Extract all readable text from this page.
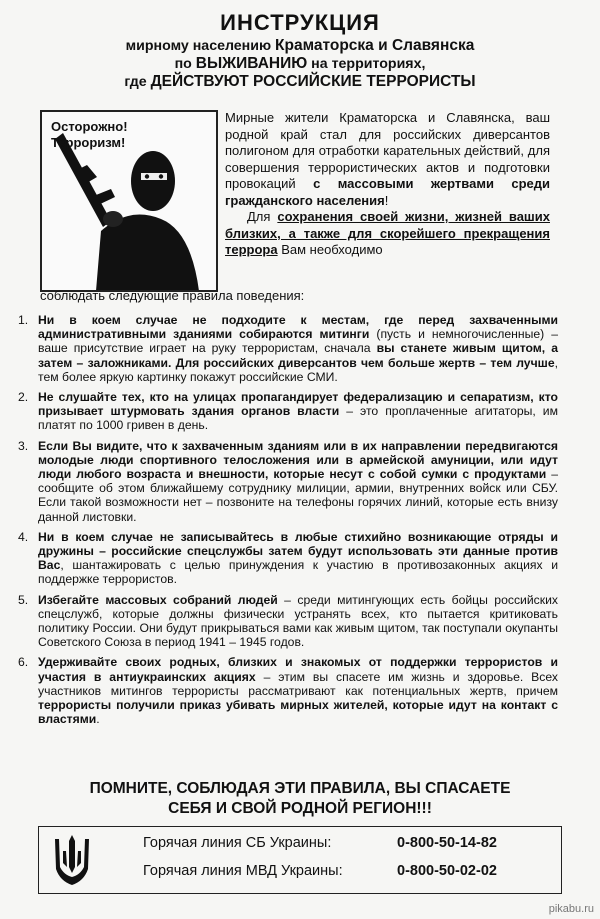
ИНСТРУКЦИЯ
мирному населению Краматорска и Славянска
по ВЫЖИВАНИЮ на территориях,
где ДЕЙСТВУЮТ РОССИЙСКИЕ ТЕРРОРИСТЫ
Осторожно!
Терроризм!
Мирные жители Краматорска и Славянска, ваш родной край стал для российских диверсантов полигоном для отработки карательных действий, для совершения террористических актов и подготовки провокаций с массовыми жертвами среди гражданского населения!
Для сохранения своей жизни, жизней ваших близких, а также для скорейшего прекращения террора Вам необходимо
соблюдать следующие правила поведения:
1. Ни в коем случае не подходите к местам, где перед захваченными административными зданиями собираются митинги (пусть и немногочисленные) – ваше присутствие играет на руку террористам, сначала вы станете живым щитом, а затем – заложниками. Для российских диверсантов чем больше жертв – тем лучше, тем более яркую картинку покажут российские СМИ.
2. Не слушайте тех, кто на улицах пропагандирует федерализацию и сепаратизм, кто призывает штурмовать здания органов власти – это проплаченные агитаторы, им платят по 1000 гривен в день.
3. Если Вы видите, что к захваченным зданиям или в их направлении передвигаются молодые люди спортивного телосложения или в армейской амуниции, или идут люди любого возраста и внешности, которые несут с собой сумки с продуктами – сообщите об этом ближайшему сотруднику милиции, армии, внутренних войск или СБУ. Если такой возможности нет – позвоните на телефоны горячих линий, которые есть внизу данной листовки.
4. Ни в коем случае не записывайтесь в любые стихийно возникающие отряды и дружины – российские спецслужбы затем будут использовать эти данные против Вас, шантажировать с целью принуждения к участию в противозаконных акциях и поддержке террористов.
5. Избегайте массовых собраний людей – среди митингующих есть бойцы российских спецслужб, которые должны физически устранять всех, кто пытается критиковать политику России. Они будут прикрываться вами как живым щитом, так поступали окупанты Советского Союза в период 1941 – 1945 годов.
6. Удерживайте своих родных, близких и знакомых от поддержки террористов и участия в антиукраинских акциях – этим вы спасете им жизнь и здоровье. Всех участников митингов террористы рассматривают как потенциальных жертв, причем террористы получили приказ убивать мирных жителей, которые идут на контакт с властями.
ПОМНИТЕ, СОБЛЮДАЯ ЭТИ ПРАВИЛА, ВЫ СПАСАЕТЕ
СЕБЯ И СВОЙ РОДНОЙ РЕГИОН!!!
Горячая линия СБ Украины:	0-800-50-14-82
Горячая линия МВД Украины:	0-800-50-02-02
pikabu.ru
